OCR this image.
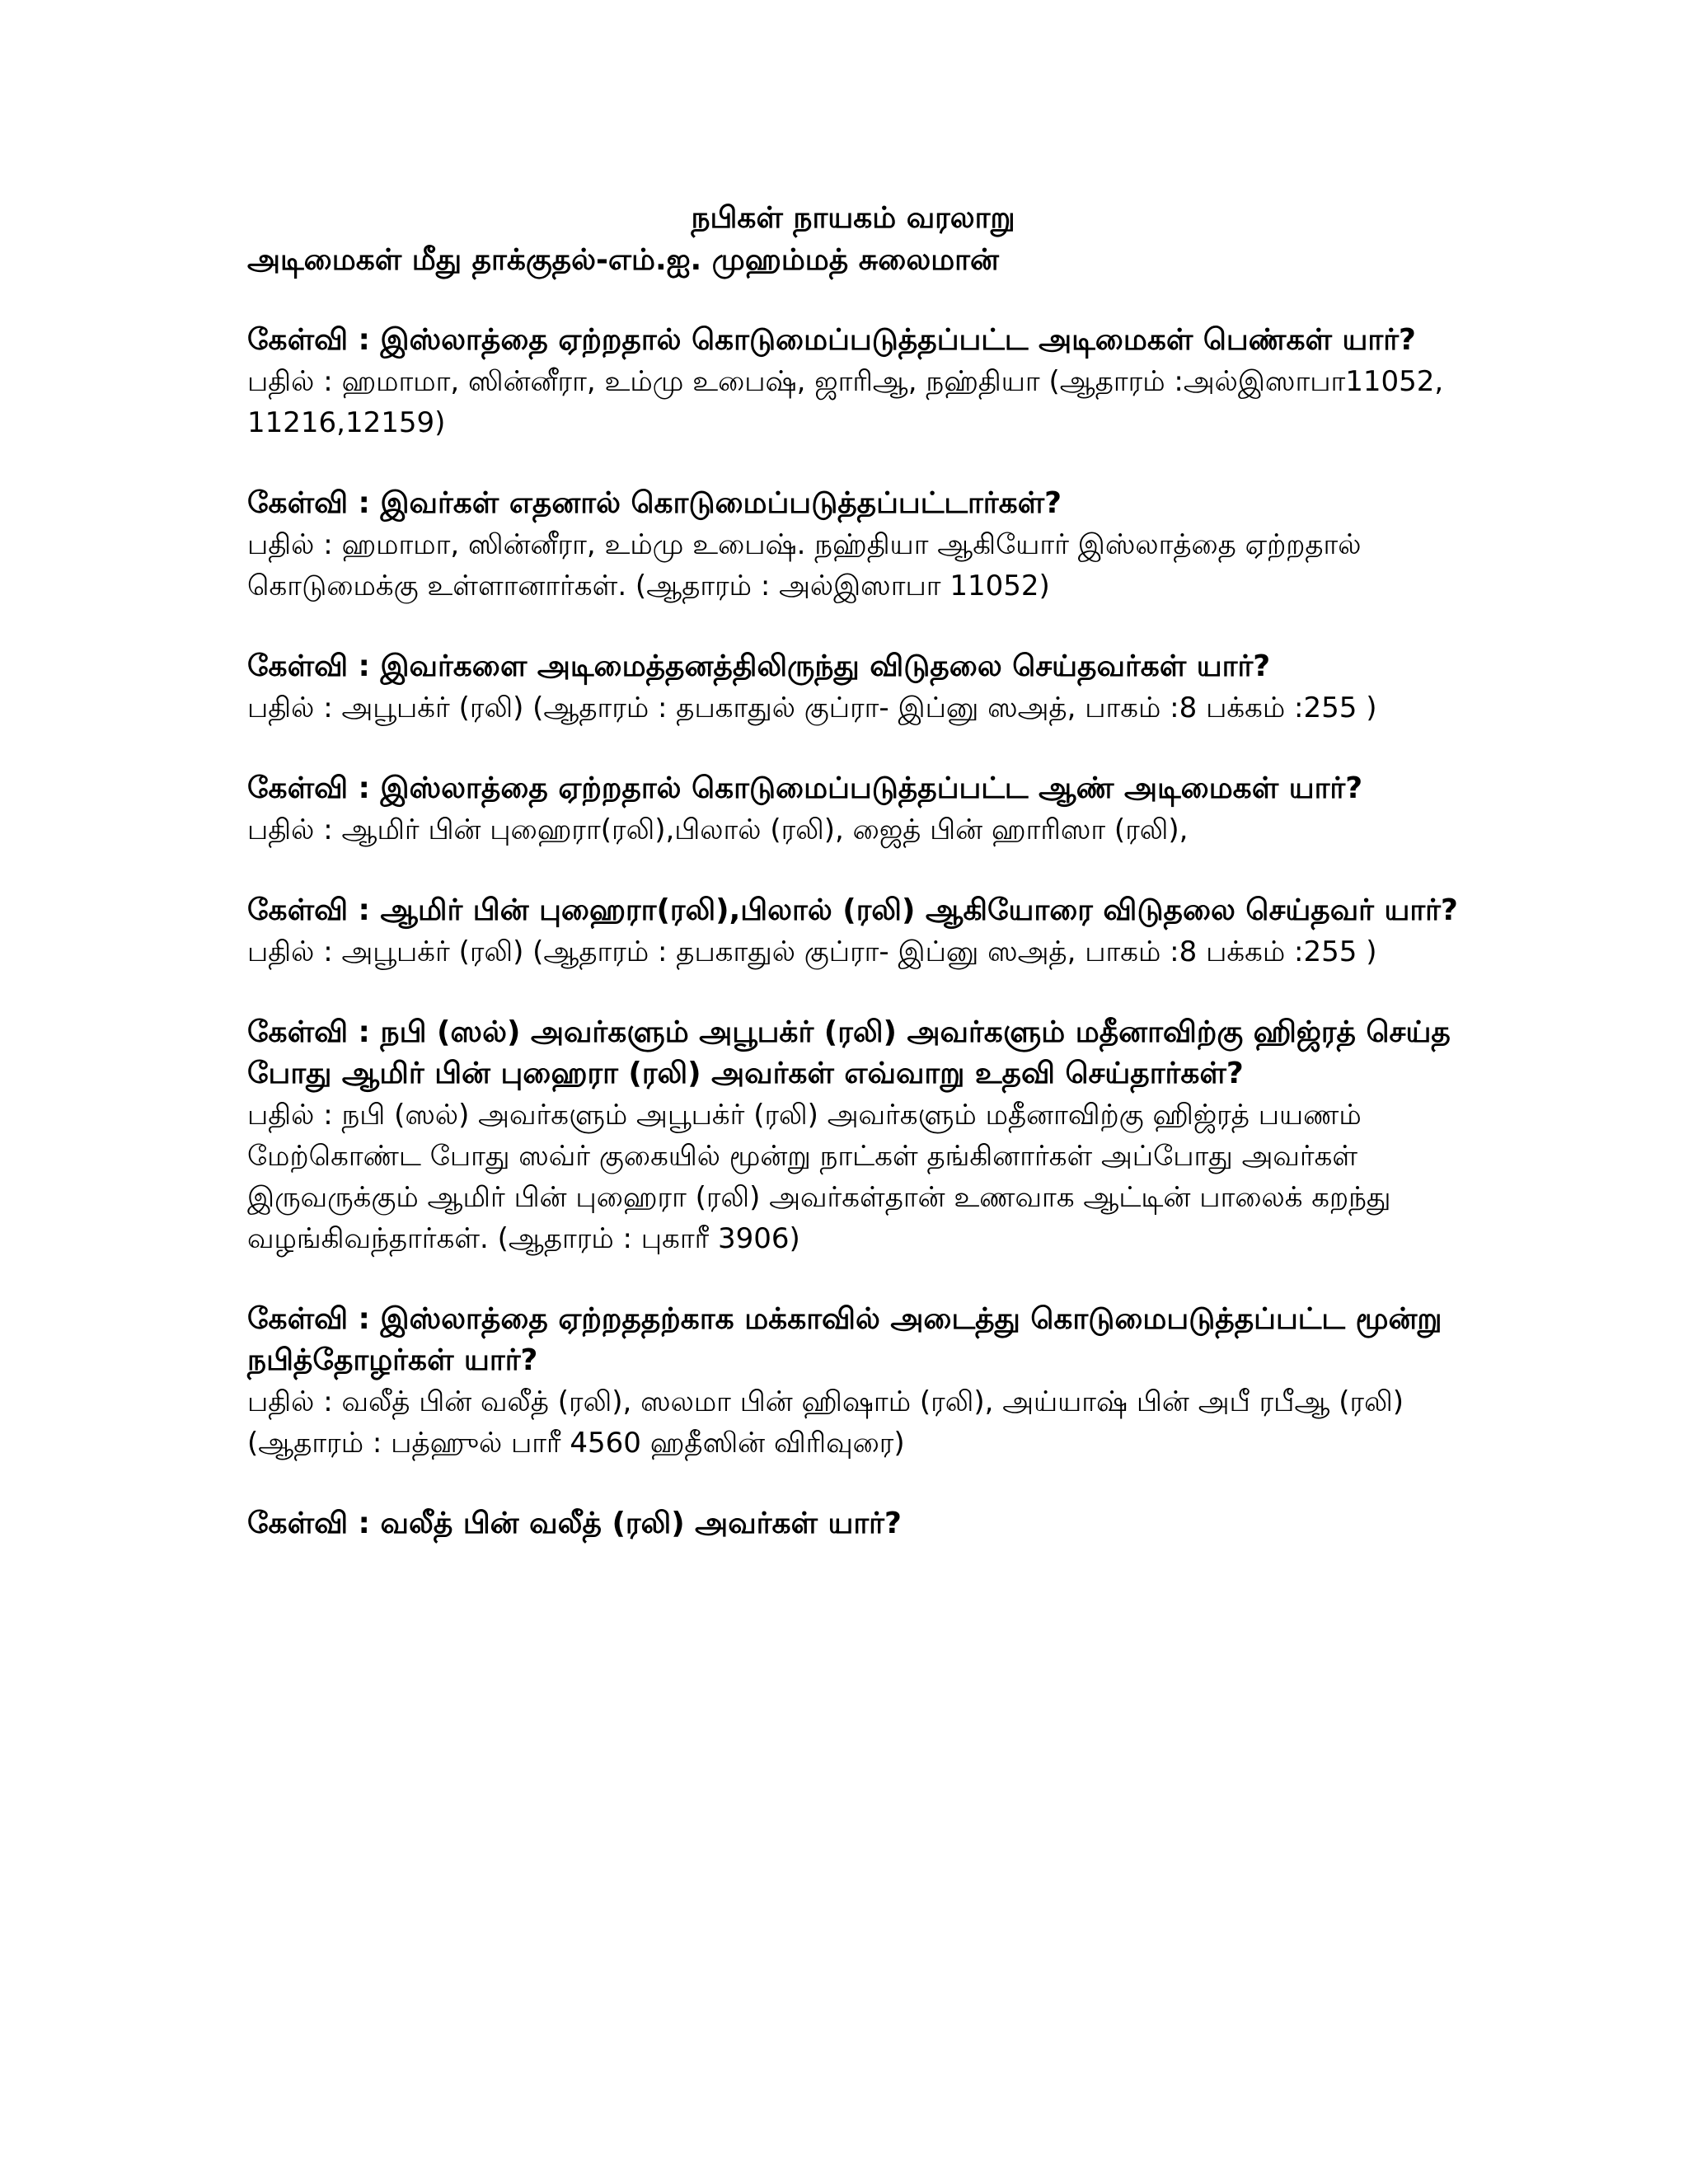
நபிகள் நாயகம் வரலாறு

அடிமைகள் மீது தாக்குதல்-எம்.ஐ. முஹம்மத் சுலைமான்

கேள்வி : இஸ்லாத்தை ஏற்றதால் கொடுமைப்படுத்தப்பட்ட அடிமைகள் பெண்கள் யார்?

பதில் : ஹமாமா, ஸின்னீரா, உம்மு உபைஷ், ஜாரிஆ, நஹ்தியா (ஆதாரம் :அல்இஸாபா11052, 11216,12159)

கேள்வி : இவர்கள் எதனால் கொடுமைப்படுத்தப்பட்டார்கள்?

பதில் : ஹமாமா, ஸின்னீரா, உம்மு உபைஷ். நஹ்தியா ஆகியோர் இஸ்லாத்தை ஏற்றதால் கொடுமைக்கு உள்ளானார்கள். (ஆதாரம் : அல்இஸாபா 11052)

கேள்வி : இவர்களை அடிமைத்தனத்திலிருந்து விடுதலை செய்தவர்கள் யார்?

பதில் : அபூபக்ர் (ரலி) (ஆதாரம் : தபகாதுல் குப்ரா- இப்னு ஸஅத், பாகம் :8 பக்கம் :255 )

கேள்வி : இஸ்லாத்தை ஏற்றதால் கொடுமைப்படுத்தப்பட்ட ஆண் அடிமைகள் யார்?

பதில் : ஆமிர் பின் புஹைரா(ரலி),பிலால் (ரலி), ஜைத் பின் ஹாரிஸா (ரலி),

கேள்வி : ஆமிர் பின் புஹைரா(ரலி),பிலால் (ரலி) ஆகியோரை விடுதலை செய்தவர் யார்?

பதில் : அபூபக்ர் (ரலி) (ஆதாரம் : தபகாதுல் குப்ரா- இப்னு ஸஅத், பாகம் :8 பக்கம் :255 )

கேள்வி : நபி (ஸல்) அவர்களும் அபூபக்ர் (ரலி) அவர்களும் மதீனாவிற்கு ஹிஜ்ரத் செய்த போது ஆமிர் பின் புஹைரா (ரலி) அவர்கள் எவ்வாறு உதவி செய்தார்கள்?

பதில் : நபி (ஸல்) அவர்களும் அபூபக்ர் (ரலி) அவர்களும் மதீனாவிற்கு ஹிஜ்ரத் பயணம் மேற்கொண்ட போது ஸவ்ர் குகையில் மூன்று நாட்கள் தங்கினார்கள் அப்போது அவர்கள் இருவருக்கும் ஆமிர் பின் புஹைரா (ரலி) அவர்கள்தான் உணவாக ஆட்டின் பாலைக் கறந்து வழங்கிவந்தார்கள். (ஆதாரம் : புகாரீ 3906)

கேள்வி : இஸ்லாத்தை ஏற்றததற்காக மக்காவில் அடைத்து கொடுமைபடுத்தப்பட்ட மூன்று நபித்தோழர்கள் யார்?

பதில் : வலீத் பின் வலீத் (ரலி), ஸலமா பின் ஹிஷாம் (ரலி), அய்யாஷ் பின் அபீ ரபீஆ (ரலி) (ஆதாரம் : பத்ஹுல் பாரீ 4560 ஹதீஸின் விரிவுரை)

கேள்வி : வலீத் பின் வலீத் (ரலி) அவர்கள் யார்?
